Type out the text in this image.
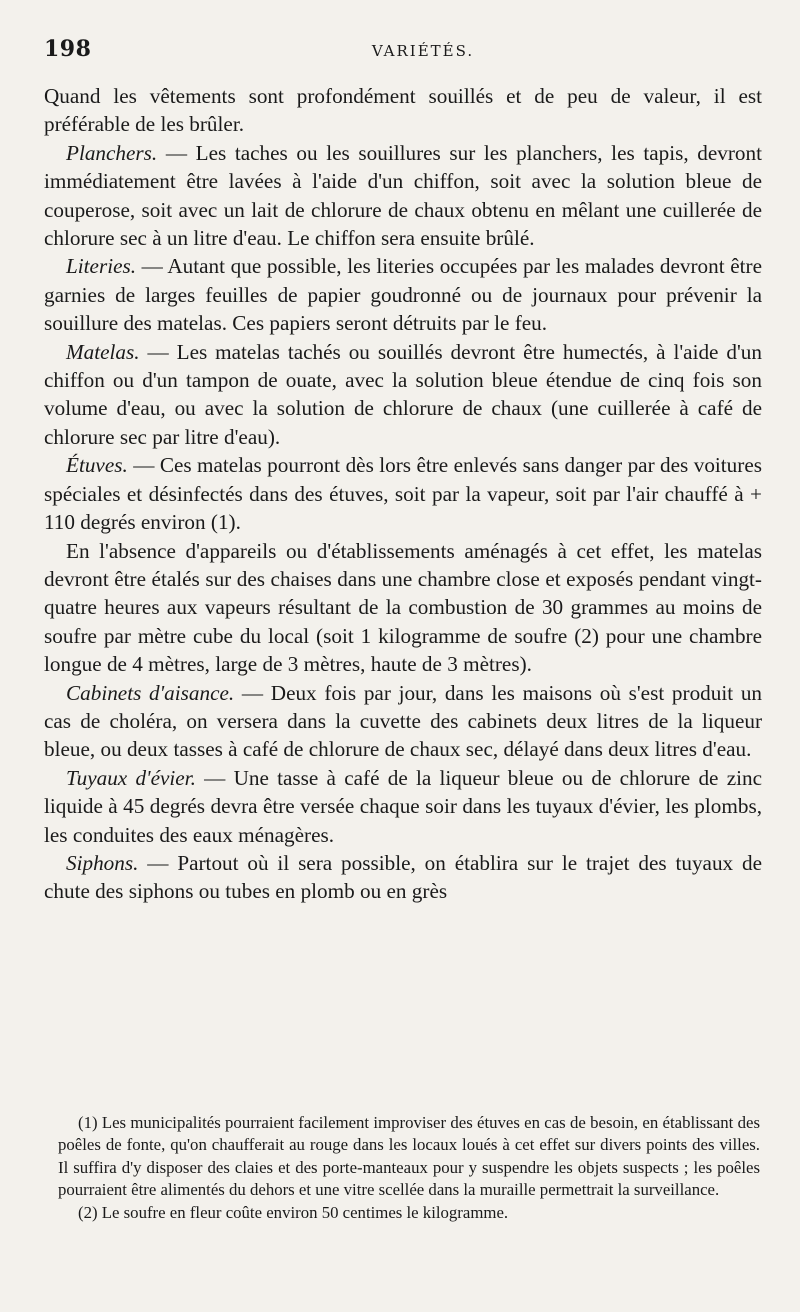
198	VARIÉTÉS.

Quand les vêtements sont profondément souillés et de peu de valeur, il est préférable de les brûler.

Planchers. — Les taches ou les souillures sur les planchers, les tapis, devront immédiatement être lavées à l'aide d'un chiffon, soit avec la solution bleue de couperose, soit avec un lait de chlorure de chaux obtenu en mêlant une cuillerée de chlorure sec à un litre d'eau. Le chiffon sera ensuite brûlé.

Literies. — Autant que possible, les literies occupées par les malades devront être garnies de larges feuilles de papier goudronné ou de journaux pour prévenir la souillure des matelas. Ces papiers seront détruits par le feu.

Matelas. — Les matelas tachés ou souillés devront être humectés, à l'aide d'un chiffon ou d'un tampon de ouate, avec la solution bleue étendue de cinq fois son volume d'eau, ou avec la solution de chlorure de chaux (une cuillerée à café de chlorure sec par litre d'eau).

Étuves. — Ces matelas pourront dès lors être enlevés sans danger par des voitures spéciales et désinfectés dans des étuves, soit par la vapeur, soit par l'air chauffé à + 110 degrés environ (1).

En l'absence d'appareils ou d'établissements aménagés à cet effet, les matelas devront être étalés sur des chaises dans une chambre close et exposés pendant vingt-quatre heures aux vapeurs résultant de la combustion de 30 grammes au moins de soufre par mètre cube du local (soit 1 kilogramme de soufre (2) pour une chambre longue de 4 mètres, large de 3 mètres, haute de 3 mètres).

Cabinets d'aisance. — Deux fois par jour, dans les maisons où s'est produit un cas de choléra, on versera dans la cuvette des cabinets deux litres de la liqueur bleue, ou deux tasses à café de chlorure de chaux sec, délayé dans deux litres d'eau.

Tuyaux d'évier. — Une tasse à café de la liqueur bleue ou de chlorure de zinc liquide à 45 degrés devra être versée chaque soir dans les tuyaux d'évier, les plombs, les conduites des eaux ménagères.

Siphons. — Partout où il sera possible, on établira sur le trajet des tuyaux de chute des siphons ou tubes en plomb ou en grès

(1) Les municipalités pourraient facilement improviser des étuves en cas de besoin, en établissant des poêles de fonte, qu'on chaufferait au rouge dans les locaux loués à cet effet sur divers points des villes. Il suffira d'y disposer des claies et des porte-manteaux pour y suspendre les objets suspects ; les poêles pourraient être alimentés du dehors et une vitre scellée dans la muraille permettrait la surveillance.

(2) Le soufre en fleur coûte environ 50 centimes le kilogramme.
